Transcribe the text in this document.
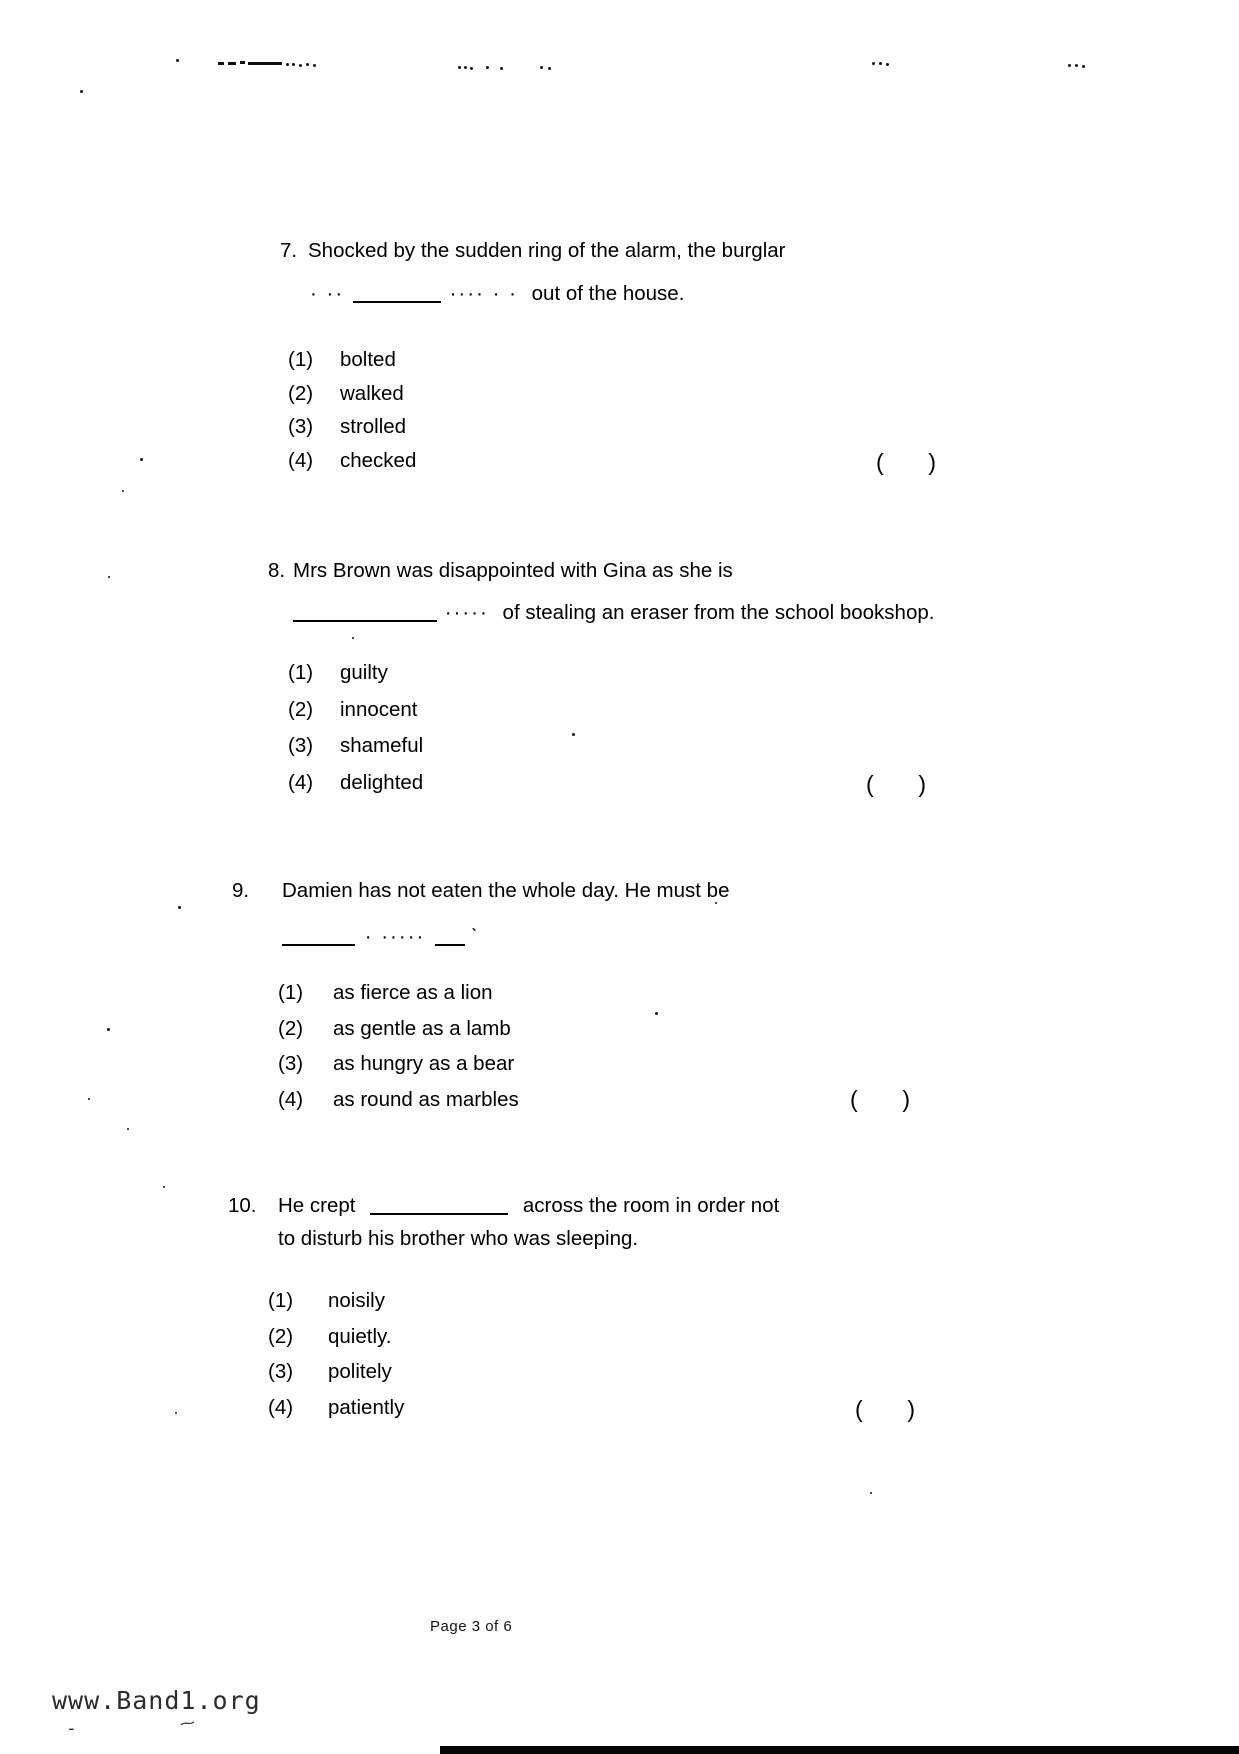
7. Shocked by the sudden ring of the alarm, the burglar
· ··	···· · · out of the house.
(1)	bolted
(2)	walked
(3)	strolled
(4)	checked	( )
8. Mrs Brown was disappointed with Gina as she is
····· of stealing an eraser from the school bookshop.
(1)	guilty
(2)	innocent
(3)	shameful
(4)	delighted	( )
9. Damien has not eaten the whole day. He must be
· ····· ˋ
(1)	as fierce as a lion
(2)	as gentle as a lamb
(3)	as hungry as a bear
(4)	as round as marbles	( )
10. He crept	across the room in order not
to disturb his brother who was sleeping.
(1)	noisily
(2)	quietly.
(3)	politely
(4)	patiently	( )
Page 3 of 6
www.Band1.org
-	⁓
